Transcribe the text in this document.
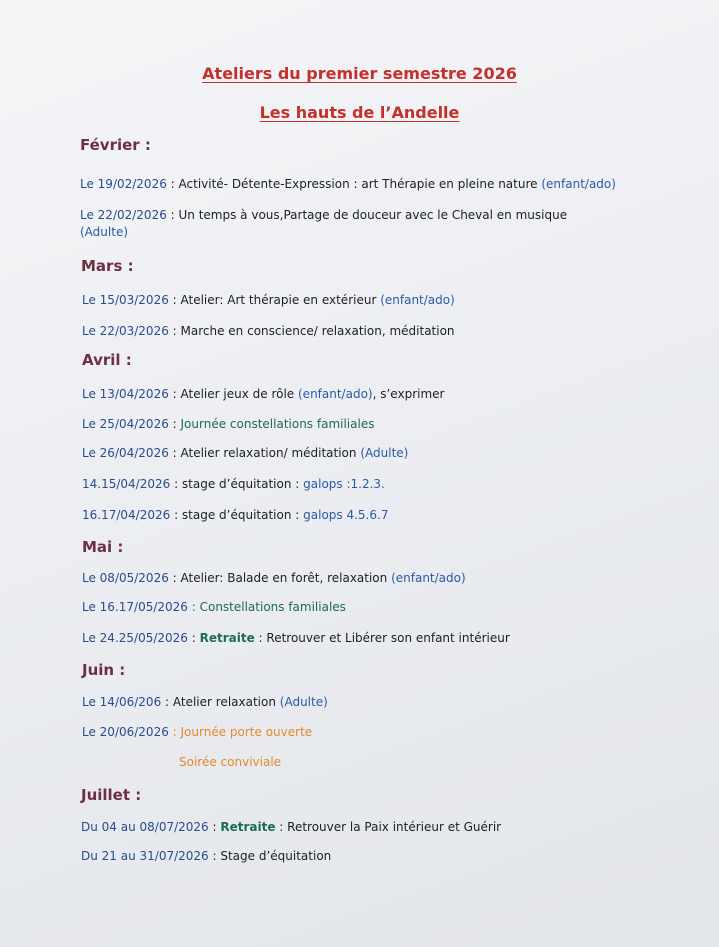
Ateliers du premier semestre 2026
Les hauts de l’Andelle
Février :
Le 19/02/2026 : Activité- Détente-Expression : art Thérapie en pleine nature (enfant/ado)
Le 22/02/2026 : Un temps à vous,Partage de douceur avec le Cheval en musique
(Adulte)
Mars :
Le 15/03/2026 : Atelier: Art thérapie en extérieur (enfant/ado)
Le 22/03/2026 : Marche en conscience/ relaxation, méditation
Avril :
Le 13/04/2026 : Atelier jeux de rôle (enfant/ado), s’exprimer
Le 25/04/2026 : Journée constellations familiales
Le 26/04/2026 : Atelier relaxation/ méditation (Adulte)
14.15/04/2026 : stage d’équitation : galops :1.2.3.
16.17/04/2026 : stage d’équitation : galops 4.5.6.7
Mai :
Le 08/05/2026 : Atelier: Balade en forêt, relaxation (enfant/ado)
Le 16.17/05/2026 : Constellations familiales
Le 24.25/05/2026 : Retraite : Retrouver et Libérer son enfant intérieur
Juin :
Le 14/06/206 : Atelier relaxation (Adulte)
Le 20/06/2026 : Journée porte ouverte
Soirée conviviale
Juillet :
Du 04 au 08/07/2026 : Retraite : Retrouver la Paix intérieur et Guérir
Du 21 au 31/07/2026 : Stage d’équitation
